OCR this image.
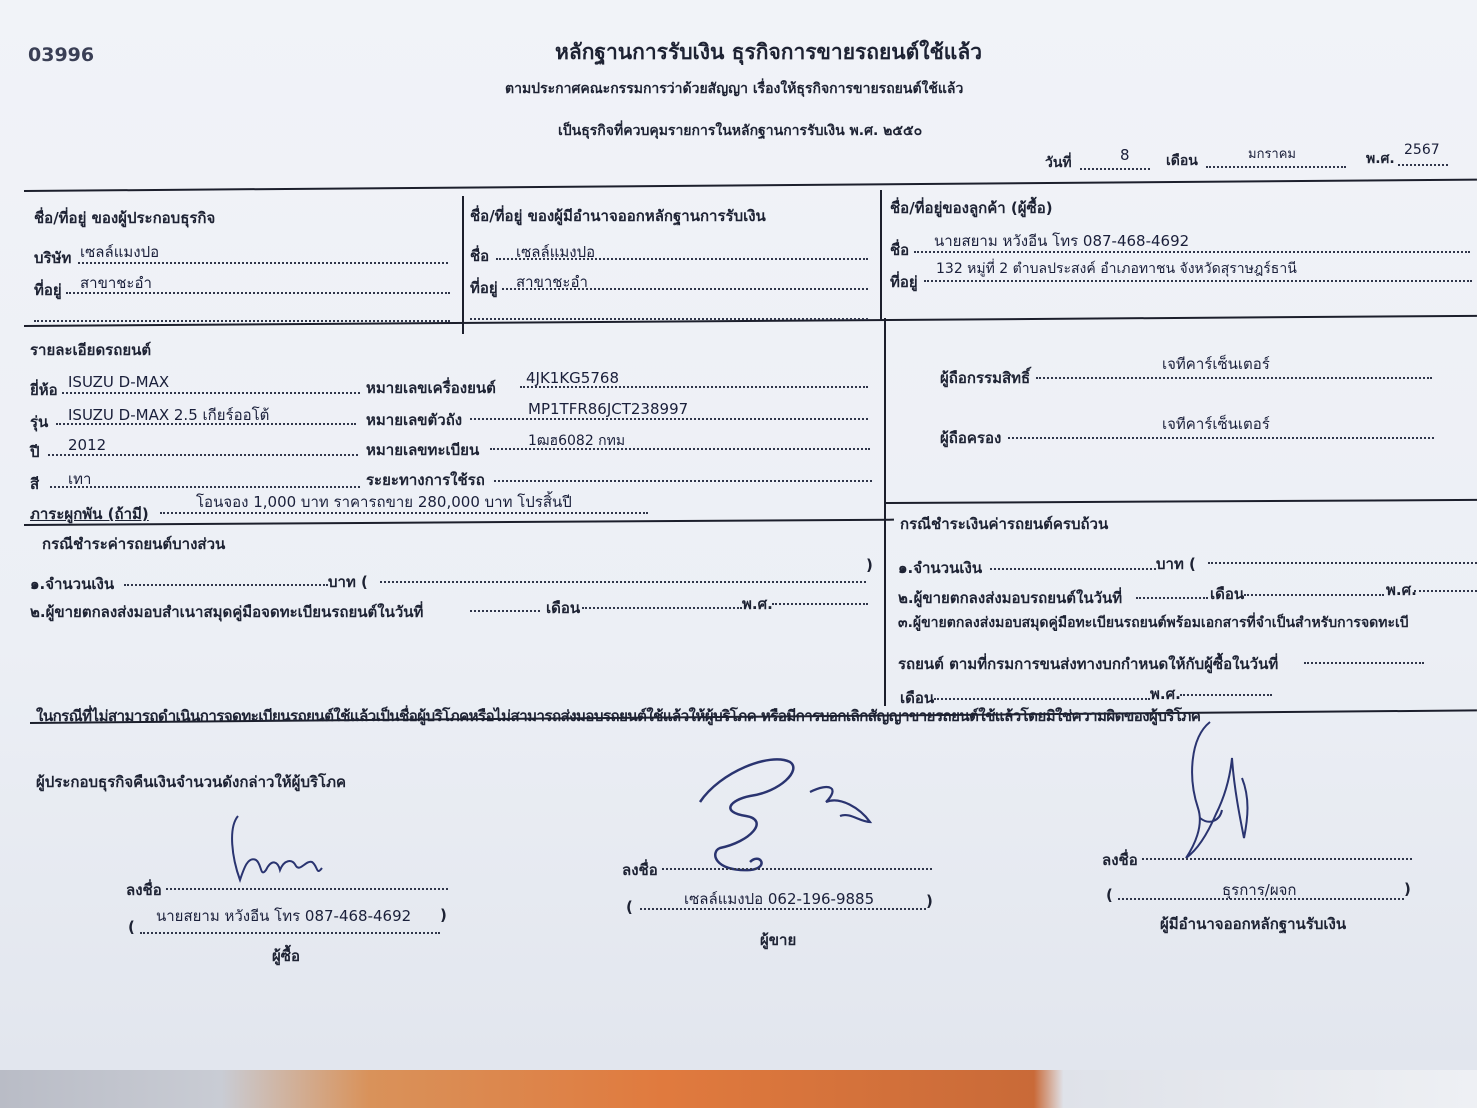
03996	หลักฐานการรับเงิน ธุรกิจการขายรถยนต์ใช้แล้ว
ตามประกาศคณะกรรมการว่าด้วยสัญญา เรื่องให้ธุรกิจการขายรถยนต์ใช้แล้ว
เป็นธุรกิจที่ควบคุมรายการในหลักฐานการรับเงิน พ.ศ. ๒๕๕๐
วันที่	8	เดือน	มกราคม	พ.ศ.
2567
ชื่อ/ที่อยู่ ของผู้ประกอบธุรกิจ
บริษัท เซลล์แมงปอ
ที่อยู่ สาขาชะอำ
ชื่อ/ที่อยู่ ของผู้มีอำนาจออกหลักฐานการรับเงิน
ชื่อ เซลล์แมงปอ
ที่อยู่ สาขาชะอำ
ชื่อ/ที่อยู่ของลูกค้า (ผู้ซื้อ)
ชื่อ นายสยาม หวังอีน โทร 087-468-4692
ที่อยู่
132 หมู่ที่ 2 ตำบลประสงค์ อำเภอทาชน จังหวัดสุราษฎร์ธานี
รายละเอียดรถยนต์
ยี่ห้อ ISUZU D-MAX	หมายเลขเครื่องยนต์
4JK1KG5768
รุ่น ISUZU D-MAX 2.5 เกียร์ออโต้	หมายเลขตัวถัง
MP1TFR86JCT238997
ปี 2012	หมายเลขทะเบียน	1ฒฮ6082 กทม
สี เทา	ระยะทางการใช้รถ
ภาระผูกพัน (ถ้ามี)
โอนจอง 1,000 บาท ราคารถขาย 280,000 บาท โปรสิ้นปี
ผู้ถือกรรมสิทธิ์
เจทีคาร์เซ็นเตอร์
ผู้ถือครอง
เจทีคาร์เซ็นเตอร์
กรณีชำระค่ารถยนต์บางส่วน
๑.จำนวนเงิน	บาท (
)
๒.ผู้ขายตกลงส่งมอบสำเนาสมุดคู่มือจดทะเบียนรถยนต์ในวันที่	เดือน	พ.ศ.
กรณีชำระเงินค่ารถยนต์ครบถ้วน
๑.จำนวนเงิน	บาท (
๒.ผู้ขายตกลงส่งมอบรถยนต์ในวันที่	เดือน	พ.ศ.
๓.ผู้ขายตกลงส่งมอบสมุดคู่มือทะเบียนรถยนต์พร้อมเอกสารที่จำเป็นสำหรับการจดทะเบี
รถยนต์ ตามที่กรมการขนส่งทางบกกำหนดให้กับผู้ซื้อในวันที่
เดือน	พ.ศ.
ในกรณีที่ไม่สามารถดำเนินการจดทะเบียนรถยนต์ใช้แล้วเป็นชื่อผู้บริโภคหรือไม่สามารถส่งมอบรถยนต์ใช้แล้วให้ผู้บริโภค หรือมีการบอกเลิกสัญญาขายรถยนต์ใช้แล้วโดยมิใช่ความผิดของผู้บริโภค
ผู้ประกอบธุรกิจคืนเงินจำนวนดังกล่าวให้ผู้บริโภค
ลงชื่อ
(
นายสยาม หวังอีน โทร 087-468-4692 )
ผู้ซื้อ
ลงชื่อ
(	เซลล์แมงปอ 062-196-9885	)
ผู้ขาย
ลงชื่อ
(	ธุรการ/ผจก	)
ผู้มีอำนาจออกหลักฐานรับเงิน
